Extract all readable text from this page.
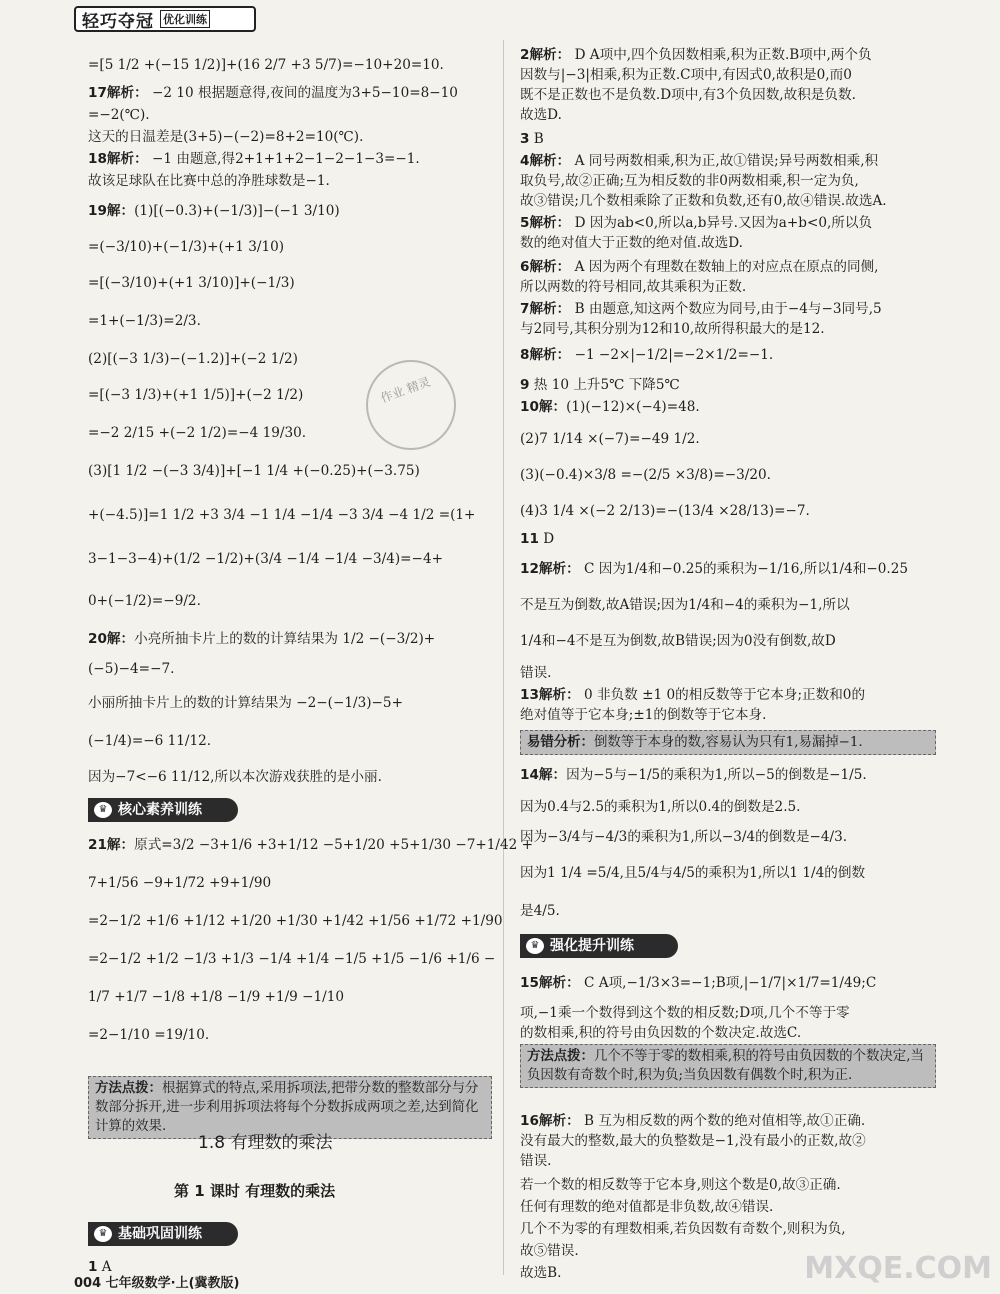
轻巧夺冠 优化训练
=[5 1/2 +(−15 1/2)]+(16 2/7 +3 5/7)=−10+20=10.
17解析： −2 10 根据题意得,夜间的温度为3+5−10=8−10
=−2(℃).
这天的日温差是(3+5)−(−2)=8+2=10(℃).
18解析： −1 由题意,得2+1+1+2−1−2−1−3=−1.
故该足球队在比赛中总的净胜球数是−1.
19解：(1)[(−0.3)+(−1/3)]−(−1 3/10)
=(−3/10)+(−1/3)+(+1 3/10)
=[(−3/10)+(+1 3/10)]+(−1/3)
=1+(−1/3)=2/3.
(2)[(−3 1/3)−(−1.2)]+(−2 1/2)
=[(−3 1/3)+(+1 1/5)]+(−2 1/2)
=−2 2/15 +(−2 1/2)=−4 19/30.
(3)[1 1/2 −(−3 3/4)]+[−1 1/4 +(−0.25)+(−3.75)
+(−4.5)]=1 1/2 +3 3/4 −1 1/4 −1/4 −3 3/4 −4 1/2 =(1+
3−1−3−4)+(1/2 −1/2)+(3/4 −1/4 −1/4 −3/4)=−4+
0+(−1/2)=−9/2.
20解：小亮所抽卡片上的数的计算结果为 1/2 −(−3/2)+
(−5)−4=−7.
小丽所抽卡片上的数的计算结果为 −2−(−1/3)−5+
(−1/4)=−6 11/12.
因为−7<−6 11/12,所以本次游戏获胜的是小丽.
21解：原式=3/2 −3+1/6 +3+1/12 −5+1/20 +5+1/30 −7+1/42 +
7+1/56 −9+1/72 +9+1/90
=2−1/2 +1/6 +1/12 +1/20 +1/30 +1/42 +1/56 +1/72 +1/90
=2−1/2 +1/2 −1/3 +1/3 −1/4 +1/4 −1/5 +1/5 −1/6 +1/6 −
1/7 +1/7 −1/8 +1/8 −1/9 +1/9 −1/10
=2−1/10 =19/10.
方法点拨：根据算式的特点,采用拆项法,把带分数的整数部分与分数部分拆开,进一步利用拆项法将每个分数拆成两项之差,达到简化计算的效果.
♛ 核心素养训练
♛ 基础巩固训练
1.8 有理数的乘法
第 1 课时 有理数的乘法
1 A
2解析： D A项中,四个负因数相乘,积为正数.B项中,两个负
因数与|−3|相乘,积为正数.C项中,有因式0,故积是0,而0
既不是正数也不是负数.D项中,有3个负因数,故积是负数.
故选D.
3 B
4解析： A 同号两数相乘,积为正,故①错误;异号两数相乘,积
取负号,故②正确;互为相反数的非0两数相乘,积一定为负,
故③错误;几个数相乘除了正数和负数,还有0,故④错误.故选A.
5解析： D 因为ab<0,所以a,b异号.又因为a+b<0,所以负
数的绝对值大于正数的绝对值.故选D.
6解析： A 因为两个有理数在数轴上的对应点在原点的同侧,
所以两数的符号相同,故其乘积为正数.
7解析： B 由题意,知这两个数应为同号,由于−4与−3同号,5
与2同号,其积分别为12和10,故所得积最大的是12.
8解析： −1 −2×|−1/2|=−2×1/2=−1.
9 热 10 上升5℃ 下降5℃
10解：(1)(−12)×(−4)=48.
(2)7 1/14 ×(−7)=−49 1/2.
(3)(−0.4)×3/8 =−(2/5 ×3/8)=−3/20.
(4)3 1/4 ×(−2 2/13)=−(13/4 ×28/13)=−7.
11 D
12解析： C 因为1/4和−0.25的乘积为−1/16,所以1/4和−0.25
不是互为倒数,故A错误;因为1/4和−4的乘积为−1,所以
1/4和−4不是互为倒数,故B错误;因为0没有倒数,故D
错误.
13解析： 0 非负数 ±1 0的相反数等于它本身;正数和0的
绝对值等于它本身;±1的倒数等于它本身.
14解：因为−5与−1/5的乘积为1,所以−5的倒数是−1/5.
因为0.4与2.5的乘积为1,所以0.4的倒数是2.5.
因为−3/4与−4/3的乘积为1,所以−3/4的倒数是−4/3.
因为1 1/4 =5/4,且5/4与4/5的乘积为1,所以1 1/4的倒数
是4/5.
15解析： C A项,−1/3×3=−1;B项,|−1/7|×1/7=1/49;C
项,−1乘一个数得到这个数的相反数;D项,几个不等于零
的数相乘,积的符号由负因数的个数决定.故选C.
16解析： B 互为相反数的两个数的绝对值相等,故①正确.
没有最大的整数,最大的负整数是−1,没有最小的正数,故②
错误.
若一个数的相反数等于它本身,则这个数是0,故③正确.
任何有理数的绝对值都是非负数,故④错误.
几个不为零的有理数相乘,若负因数有奇数个,则积为负,
故⑤错误.
故选B.
易错分析：倒数等于本身的数,容易认为只有1,易漏掉−1.
方法点拨：几个不等于零的数相乘,积的符号由负因数的个数决定,当负因数有奇数个时,积为负;当负因数有偶数个时,积为正.
♛ 强化提升训练
作业 精灵
MXQE.COM
004 七年级数学·上(冀教版)
